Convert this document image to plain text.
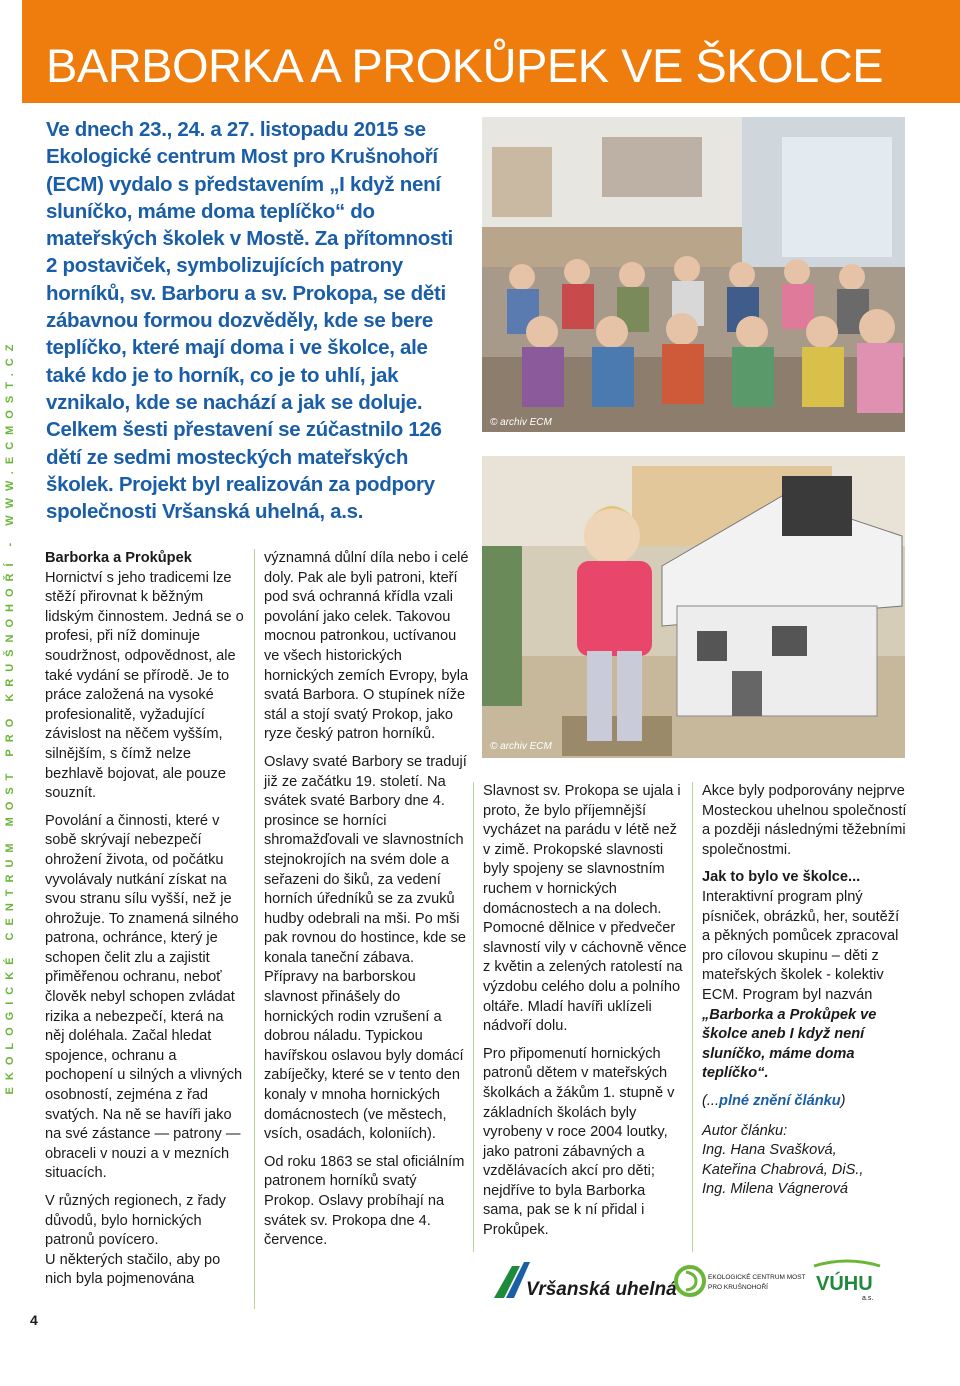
EKOLOGICKÉ CENTRUM MOST PRO KRUŠNOHOŘÍ - WWW.ECMOST.CZ
BARBORKA A PROKŮPEK VE ŠKOLCE

Ve dnech 23., 24. a 27. listopadu 2015 se Ekologické centrum Most pro Krušnohoří (ECM) vydalo s představením „I když není sluníčko, máme doma teplíčko“ do mateřských školek v Mostě. Za přítomnosti 2 postaviček, symbolizujících patrony horníků, sv. Barboru a sv. Prokopa, se děti zábavnou formou dozvěděly, kde se bere teplíčko, které mají doma i ve školce, ale také kdo je to horník, co je to uhlí, jak vznikalo, kde se nachází a jak se doluje. Celkem šesti přestavení se zúčastnilo 126 dětí ze sedmi mosteckých mateřských školek. Projekt byl realizován za podpory společnosti Vršanská uhelná, a.s.

© archiv ECM
© archiv ECM

Barborka a Prokůpek
Hornictví s jeho tradicemi lze stěží přirovnat k běžným lidským činnostem. Jedná se o profesi, při níž dominuje soudržnost, odpovědnost, ale také vydání se přírodě. Je to práce založená na vysoké profesionalitě, vyžadující závislost na něčem vyšším, silnějším, s čímž nelze bezhlavě bojovat, ale pouze souznít.

Povolání a činnosti, které v sobě skrývají nebezpečí ohrožení života, od počátku vyvolávaly nutkání získat na svou stranu sílu vyšší, než je ohrožuje. To znamená silného patrona, ochránce, který je schopen čelit zlu a zajistit přiměřenou ochranu, neboť člověk nebyl schopen zvládat rizika a nebezpečí, která na něj doléhala. Začal hledat spojence, ochranu a pochopení u silných a vlivných osobností, zejména z řad svatých. Na ně se havíři jako na své zástance — patrony — obraceli v nouzi a v mezních situacích.

V různých regionech, z řady důvodů, bylo hornických patronů povícero.

U některých stačilo, aby po nich byla pojmenována

významná důlní díla nebo i celé doly. Pak ale byli patroni, kteří pod svá ochranná křídla vzali povolání jako celek. Takovou mocnou patronkou, uctívanou ve všech historických hornických zemích Evropy, byla svatá Barbora. O stupínek níže stál a stojí svatý Prokop, jako ryze český patron horníků.

Oslavy svaté Barbory se tradují již ze začátku 19. století. Na svátek svaté Barbory dne 4. prosince se horníci shromažďovali ve slavnostních stejnokrojích na svém dole a seřazeni do šiků, za vedení horních úředníků se za zvuků hudby odebrali na mši. Po mši pak rovnou do hostince, kde se konala taneční zábava. Přípravy na barborskou slavnost přinášely do hornických rodin vzrušení a dobrou náladu. Typickou havířskou oslavou byly domácí zabíječky, které se v tento den konaly v mnoha hornických domácnostech (ve městech, vsích, osadách, koloniích).

Od roku 1863 se stal oficiálním patronem horníků svatý Prokop. Oslavy probíhají na svátek sv. Prokopa dne 4. července.

Slavnost sv. Prokopa se ujala i proto, že bylo příjemnější vycházet na parádu v létě než v zimě. Prokopské slavnosti byly spojeny se slavnostním ruchem v hornických domácnostech a na dolech. Pomocné dělnice v předvečer slavností vily v cáchovně věnce z květin a zelených ratolestí na výzdobu celého dolu a polního oltáře. Mladí havíři uklízeli nádvoří dolu.

Pro připomenutí hornických patronů dětem v mateřských školkách a žákům 1. stupně v základních školách byly vyrobeny v roce 2004 loutky, jako patroni zábavných a vzdělávacích akcí pro děti; nejdříve to byla Barborka sama, pak se k ní přidal i Prokůpek.

Akce byly podporovány nejprve Mosteckou uhelnou společností a později následnými těžebními společnostmi.

Jak to bylo ve školce...
Interaktivní program plný písniček, obrázků, her, soutěží a pěkných pomůcek zpracoval pro cílovou skupinu – děti z mateřských školek - kolektiv ECM. Program byl nazván „Barborka a Prokůpek ve školce aneb I když není sluníčko, máme doma teplíčko“.

(...plné znění článku)

Autor článku:
Ing. Hana Svašková,
Kateřina Chabrová, DiS.,
Ing. Milena Vágnerová

Vršanská uhelná
EKOLOGICKÉ CENTRUM MOST
PRO KRUŠNOHOŘÍ VÚHU
a.s.
4
